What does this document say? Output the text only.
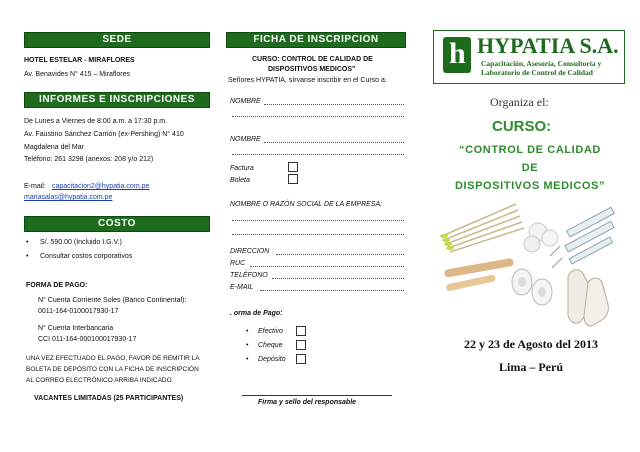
SEDE
HOTEL ESTELAR - MIRAFLORES
Av. Benavides N° 415 – Miraflores
INFORMES E INSCRIPCIONES
De Lunes a Viernes de 8:00 a.m. a 17:30 p.m.
Av. Faustino Sánchez Carrión (ex-Pershing) N° 410
Magdalena del Mar
Teléfono: 261 3298 (anexos: 208 y/o 212)
E-mail: capacitacion2@hypatia.com.pe
mariasalas@hypatia.com.pe
COSTO
• S/. 590.00 (Incluido I.G.V.)
• Consultar costos corporativos
FORMA DE PAGO:
N° Cuenta Corriente Soles (Banco Continental):
0011-164-0100017930-17
N° Cuenta Interbancaria
CCI 011-164-000100017930-17
UNA VEZ EFECTUADO EL PAGO, FAVOR DE REMITIR LA
BOLETA DE DEPÓSITO CON LA FICHA DE INSCRIPCIÓN
AL CORREO ELECTRÓNICO ARRIBA INDICADO
VACANTES LIMITADAS (25 PARTICIPANTES)
FICHA DE INSCRIPCION
CURSO: CONTROL DE CALIDAD DE
DISPOSITIVOS MEDICOS"
Señores HYPATIA, sírvanse inscribir en el Curso a:
NOMBRE
NOMBRE
Factura
Boleta
NOMBRE O RAZÓN SOCIAL DE LA EMPRESA:
DIRECCION
RUC
TELÉFONO
E-MAIL
. orma de Pago:
• Efectivo
• Cheque
• Depósito
Firma y sello del responsable
h HYPATIA S.A.
Capacitación, Asesoría, Consultoría y
Laboratorio de Control de Calidad
Organiza el:
CURSO:
“CONTROL DE CALIDAD
DE
DISPOSITIVOS MEDICOS”
22 y 23 de Agosto del 2013
Lima – Perú
